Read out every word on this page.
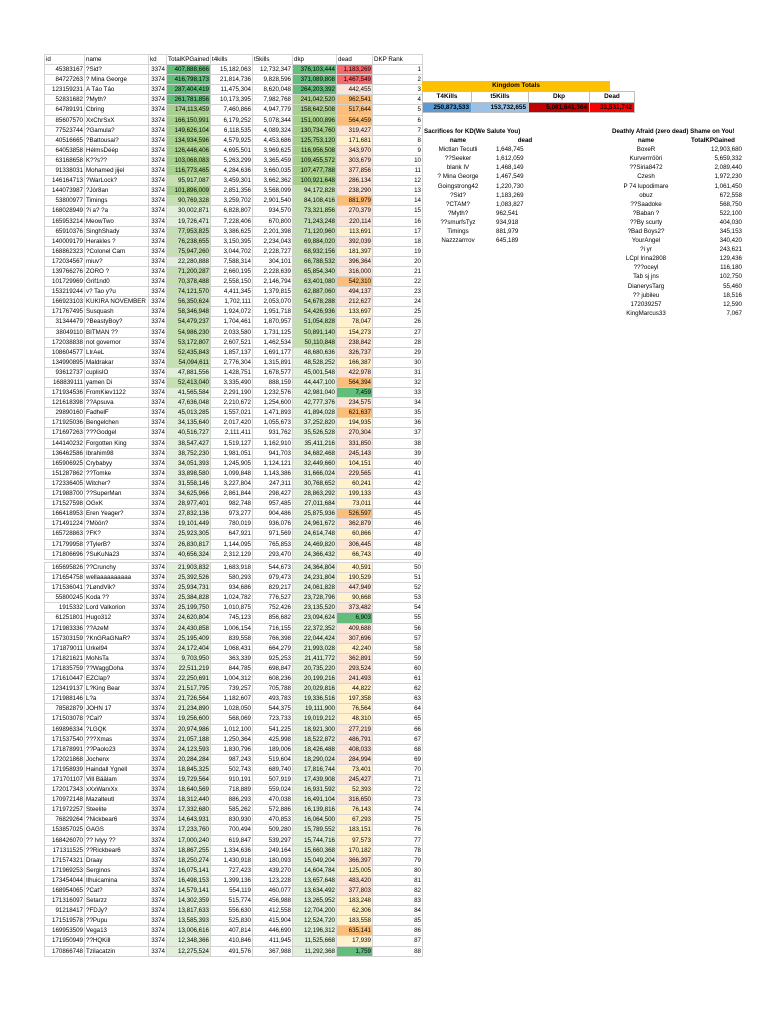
id	name	kd	TotalKPGained	t4kills	t5kills	dkp	dead	DKP Rank
45383167	?Sid?	3374	407,888,666	15,182,063	12,732,347	376,103,444	1,183,269	1
84727263	? Mina George	3374	416,798,173	21,814,736	9,828,596	371,089,808	1,467,549	2
123159231	A Táo Táo	3374	287,404,419	11,475,304	8,620,048	264,203,392	442,455	3
52831682	?Myth?	3374	261,781,856	10,173,395	7,982,768	241,042,520	962,541	4
64789191	Cbring	3374	174,113,459	7,460,866	4,947,779	158,642,508	517,644	5
85607570	XxChrSxX	3374	166,150,991	6,179,252	5,078,344	151,000,896	564,459	6
77523744	?Gamula?	3374	149,626,104	6,118,535	4,089,324	130,734,760	319,427	7
40516665	?Battousai?	3374	134,934,596	4,579,925	4,453,686	125,753,120	171,681	8
64053858	HélmsDéép	3374	126,446,406	4,695,501	3,969,625	116,956,508	343,970	9
63168658	K??s??	3374	103,068,083	5,263,299	3,365,459	109,455,572	303,679	10
91338031	Mohamed jijel	3374	116,773,465	4,284,636	3,660,035	107,477,788	377,856	11
146164713	?WarLock?	3374	95,917,087	3,459,301	3,662,362	100,921,648	286,134	12
144073987	?Jór8an	3374	101,896,009	2,851,356	3,568,099	94,172,828	238,290	13
53800977	Timings	3374	90,769,328	3,259,702	2,901,540	84,108,416	881,979	14
168028949	?i a? ?a	3374	30,002,871	6,828,807	934,570	73,321,856	270,379	15
165953214	MeowTwo	3374	19,726,471	7,228,406	670,800	71,243,248	220,114	16
65910376	SinghShady	3374	77,953,825	3,386,625	2,201,398	71,120,960	113,691	17
140009179	Herakles ?	3374	76,238,655	3,150,395	2,234,043	69,884,020	392,039	18
168862323	?Colonel Cam	3374	75,947,260	3,044,702	2,228,727	68,932,156	181,397	19
172034567	miuv?	3374	22,280,888	7,588,314	304,101	66,788,532	396,364	20
139766276	ZORO ?	3374	71,200,287	2,660,195	2,228,639	65,854,340	316,000	21
101729969	Grif1nd0	3374	70,378,488	2,558,150	2,146,794	63,401,080	542,310	22
153219244	v? Tao y?u	3374	74,121,570	4,411,345	1,379,815	62,887,060	494,137	23
166923103	KUKIRA NOVEMBER	3374	56,350,624	1,702,111	2,053,070	54,678,288	212,627	24
171767495	Susquash	3374	58,346,948	1,924,072	1,951,718	54,426,936	133,697	25
31344479	?BeastyBoy?	3374	54,479,237	1,704,461	1,870,957	51,054,828	78,047	26
38049110	BITMAN ??	3374	54,986,230	2,033,580	1,731,125	50,891,140	154,273	27
172038838	not governor	3374	53,172,807	2,607,521	1,462,534	50,110,848	238,842	28
108604577	LIrAeL	3374	52,435,843	1,857,137	1,691,177	48,680,636	326,737	29
134990895	Maldrakar	3374	54,094,611	2,776,304	1,315,891	48,528,252	166,387	30
93612737	cuplisIO	3374	47,881,556	1,428,751	1,678,577	45,001,548	422,978	31
168839111	yamen Di	3374	52,413,040	3,335,490	888,159	44,447,100	564,394	32
171934536	FromKiev1122	3374	41,565,584	2,291,190	1,232,576	42,981,040	7,459	33
121618398	??Apsuva	3374	47,636,048	2,210,672	1,254,600	42,777,376	234,575	34
29890160	FadhelF	3374	45,013,285	1,557,021	1,471,893	41,894,028	621,637	35
171925036	Bengelchen	3374	34,135,640	2,017,420	1,055,673	37,252,820	194,935	36
171697263	???Godgel	3374	40,516,727	2,111,411	931,762	35,526,528	270,304	37
144140232	Forgotten King	3374	38,547,427	1,519,127	1,162,910	35,411,216	331,850	38
136462586	Ibrahim98	3374	38,752,230	1,981,051	941,703	34,682,468	245,143	39
165906925	Crybabyy	3374	34,051,393	1,245,905	1,124,121	32,449,660	104,151	40
151287862	??Tomke	3374	33,898,580	1,099,848	1,143,386	31,666,024	229,565	41
172336405	Witcher?	3374	31,558,146	3,227,804	247,311	30,768,652	60,241	42
171988700	??SuperMan	3374	34,625,966	2,861,844	298,427	28,863,292	199,133	43
171527598	OGxK	3374	28,977,401	982,748	957,485	27,011,684	73,011	44
166418953	Eren Yeager?	3374	27,832,136	973,277	904,486	25,875,936	526,597	45
171491224	?Möön?	3374	19,101,449	780,019	936,076	24,961,672	362,879	46
165728863	?FK?	3374	25,923,305	647,921	971,569	24,614,748	60,866	47
171799958	?TylerB?	3374	26,830,817	1,144,095	765,853	24,469,820	306,445	48
171806696	?SuKuNa23	3374	40,656,324	2,312,129	293,470	24,366,432	66,743	49
165695826	??Crunchy	3374	21,903,832	1,683,918	544,673	24,364,804	40,591	50
171654758	wellaaaaaaaaaa	3374	25,392,526	580,293	979,473	24,231,804	190,529	51
171536041	?LøndVik?	3374	25,934,731	934,686	829,217	24,061,828	447,949	52
55800245	Koda ??	3374	25,384,828	1,024,782	776,527	23,728,796	90,668	53
1915332	Lord Valkorion	3374	25,199,750	1,010,875	752,426	23,135,520	373,482	54
61251801	Hugo312	3374	24,620,804	745,123	856,682	23,094,624	6,903	55
171983336	??AzeM	3374	24,430,858	1,006,154	716,155	22,372,352	409,688	56
157303159	?KnGRaGNaR?	3374	25,195,409	839,558	766,398	22,044,424	307,696	57
171879011	Urkel94	3374	24,172,404	1,068,431	664,279	21,993,028	42,240	58
171821621	MoNsTa	3374	9,703,950	363,339	925,253	21,411,772	362,891	59
171835759	??WaggDoha	3374	22,511,219	844,785	698,847	20,735,220	293,524	60
171610447	EZClap?	3374	22,250,691	1,004,312	608,236	20,199,216	241,493	61
123419137	L?King Bear	3374	21,517,795	739,257	705,788	20,029,816	44,822	62
171988146	L?a	3374	21,726,564	1,182,607	493,783	19,336,516	197,358	63
78582879	JOHN 17	3374	21,234,890	1,028,050	544,375	19,111,900	76,564	64
171503078	?Cal?	3374	19,256,600	568,069	723,733	19,019,212	48,310	65
169896334	?LGQK	3374	20,974,986	1,012,100	541,225	18,921,300	277,219	66
171537540	???Xmas	3374	21,057,188	1,250,364	425,998	18,522,872	486,791	67
171878991	??Paolo23	3374	24,123,593	1,830,796	189,006	18,426,488	408,033	68
172021868	Jochenx	3374	20,284,284	987,243	519,604	18,290,024	284,994	69
171958939	Haindall Ygnell	3374	18,845,325	502,743	689,740	17,816,744	73,401	70
171701107	Vill Bäälam	3374	19,729,564	910,191	507,919	17,439,908	245,427	71
172017343	xXxWarxXx	3374	18,640,569	718,889	559,024	16,931,592	52,393	72
170972148	Mazalteutl	3374	18,312,440	886,293	470,038	16,491,104	316,650	73
171972257	Steelite	3374	17,332,680	585,262	572,886	16,139,816	76,143	74
76829264	?Nickbear6	3374	14,643,931	830,930	470,853	16,064,500	67,293	75
153857025	GAGS	3374	17,233,760	700,494	509,280	15,789,552	183,151	76
168426070	?? Ivlyy ??	3374	17,000,240	619,847	539,297	15,744,716	97,573	77
171311525	??Rickbear6	3374	18,867,255	1,334,636	249,164	15,660,368	170,182	78
171574321	Draay	3374	18,250,274	1,430,918	180,093	15,049,204	366,397	79
171969253	Serginos	3374	16,075,141	727,423	439,270	14,604,784	125,005	80
173454044	Ilhuicamina	3374	16,498,153	1,399,136	123,228	13,657,648	483,420	81
168954065	?Cat?	3374	14,579,141	554,119	460,077	13,634,492	377,803	82
171316097	Setarzz	3374	14,302,359	515,774	456,988	13,265,952	183,248	83
91218417	?FDJy?	3374	13,817,633	556,630	412,558	12,704,200	62,306	84
171519578	??Pupu	3374	13,585,393	525,830	415,904	12,524,720	183,558	85
169953509	Vega13	3374	13,006,616	407,814	446,690	12,196,312	635,141	86
171950949	??HQKill	3374	12,348,366	410,846	411,945	11,525,668	17,939	87
170866748	Tzilacatzin	3374	12,275,524	491,576	367,988	11,292,368	1,759	88
Kingdom Totals
T4Kills	t5Kills	Dkp	Dead
250,873,533	153,732,655	5,081,641,364	33,531,742
Sacrifices for KD(We Salute You)
name	dead
Mictlan Tecutli	1,648,745
??Seeker	1,612,059
blank IV	1,468,149
? Mina George	1,467,549
Goingstrong42	1,220,730
?Sid?	1,183,269
?CTAM?	1,083,827
?Myth?	962,541
??smurfsTyz	934,918
Timings	881,979
Nazzzarrrov	645,189
Deathly Afraid (zero dead) Shame on You!
name	TotalKPGained
BoxeR	12,903,680
Kurverrrööri	5,659,332
??Siria8472	2,089,440
Czesh	1,972,230
P 74 lupodimare	1,061,450
obuz	672,558
??Saadoke	568,750
?Baban ?	522,100
??By scurty	404,030
?Bad Boys2?	345,153
YourAngel	340,420
?i yr	243,621
LCpl Irina2808	129,436
???oceyl	116,180
Tab sj jns	102,750
DianerysTarg	55,460
?? jubileu	18,516
172039257	12,590
KingMarcus33	7,067
